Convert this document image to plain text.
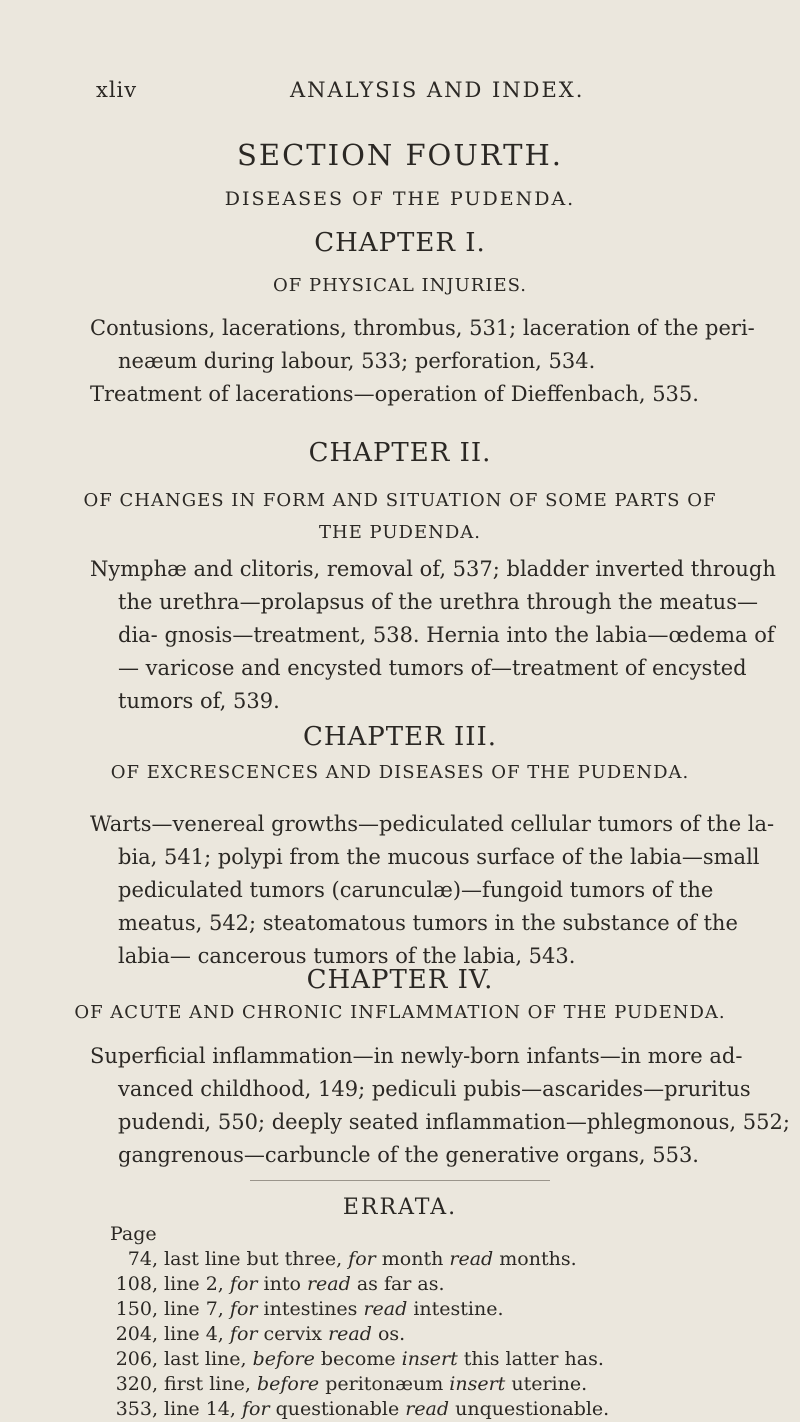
xliv	ANALYSIS AND INDEX.
SECTION FOURTH.
DISEASES OF THE PUDENDA.
CHAPTER I.
OF PHYSICAL INJURIES.

Contusions, lacerations, thrombus, 531; laceration of the peri- neæum during labour, 533; perforation, 534.

Treatment of lacerations—operation of Dieffenbach, 535.

CHAPTER II.
OF CHANGES IN FORM AND SITUATION OF SOME PARTS OF THE PUDENDA.

Nymphæ and clitoris, removal of, 537; bladder inverted through the urethra—prolapsus of the urethra through the meatus—dia- gnosis—treatment, 538. Hernia into the labia—œdema of— varicose and encysted tumors of—treatment of encysted tumors of, 539.

CHAPTER III.
OF EXCRESCENCES AND DISEASES OF THE PUDENDA.

Warts—venereal growths—pediculated cellular tumors of the la- bia, 541; polypi from the mucous surface of the labia—small pediculated tumors (carunculæ)—fungoid tumors of the meatus, 542; steatomatous tumors in the substance of the labia— cancerous tumors of the labia, 543.

CHAPTER IV.
OF ACUTE AND CHRONIC INFLAMMATION OF THE PUDENDA.

Superficial inflammation—in newly-born infants—in more ad- vanced childhood, 149; pediculi pubis—ascarides—pruritus pudendi, 550; deeply seated inflammation—phlegmonous, 552; gangrenous—carbuncle of the generative organs, 553.

ERRATA.
Page
74, last line but three, for month read months.
108, line 2, for into read as far as.
150, line 7, for intestines read intestine.
204, line 4, for cervix read os.
206, last line, before become insert this latter has.
320, first line, before peritonæum insert uterine.
353, line 14, for questionable read unquestionable.
